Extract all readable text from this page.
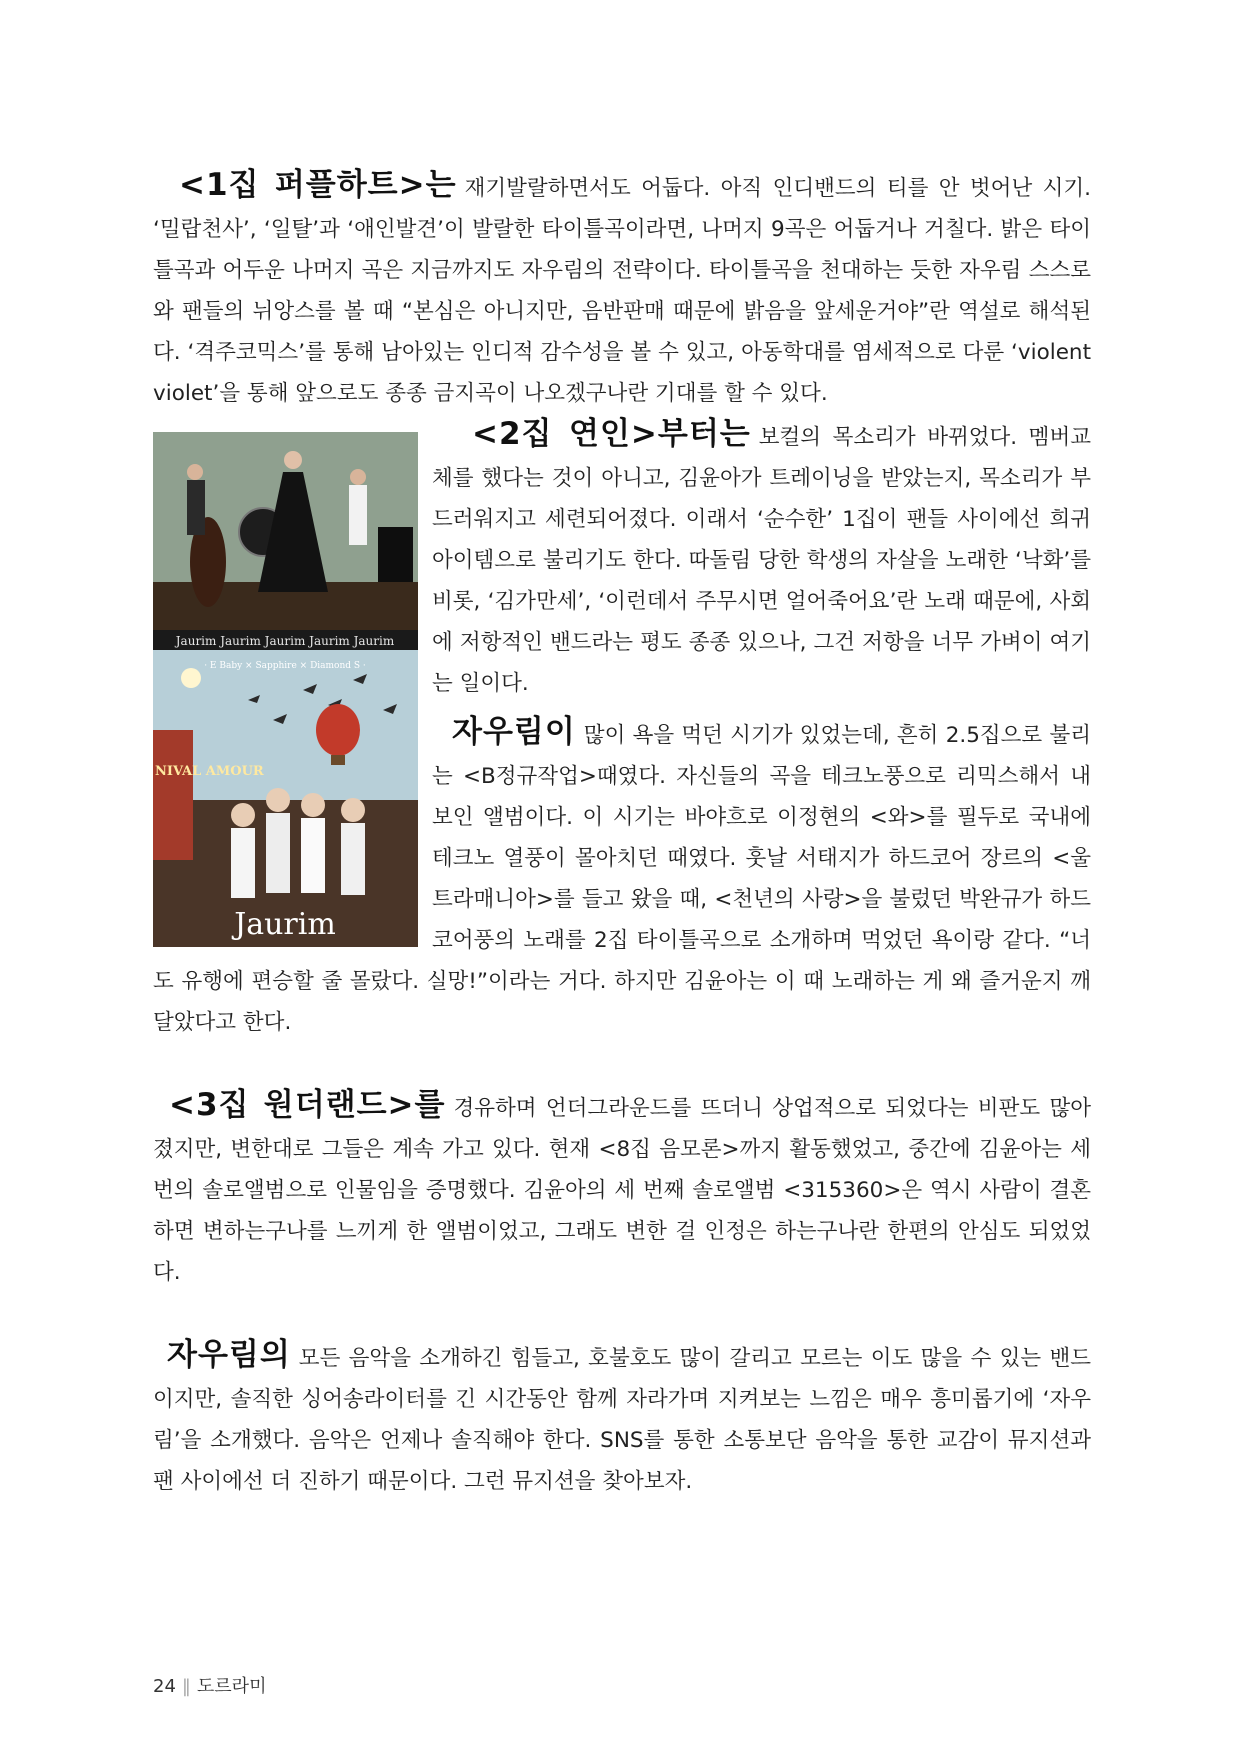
<1집 퍼플하트>는 재기발랄하면서도 어둡다. 아직 인디밴드의 티를 안 벗어난 시기. ‘밀랍천사’, ‘일탈’과 ‘애인발견’이 발랄한 타이틀곡이라면, 나머지 9곡은 어둡거나 거칠다. 밝은 타이틀곡과 어두운 나머지 곡은 지금까지도 자우림의 전략이다. 타이틀곡을 천대하는 듯한 자우림 스스로와 팬들의 뉘앙스를 볼 때 “본심은 아니지만, 음반판매 때문에 밝음을 앞세운거야”란 역설로 해석된다. ‘격주코믹스’를 통해 남아있는 인디적 감수성을 볼 수 있고, 아동학대를 염세적으로 다룬 ‘violent violet’을 통해 앞으로도 종종 금지곡이 나오겠구나란 기대를 할 수 있다.

Jaurim Jaurim Jaurim Jaurim Jaurim
NIVAL AMOUR
· E Baby × Sapphire × Diamond S ·
Jaurim

<2집 연인>부터는 보컬의 목소리가 바뀌었다. 멤버교체를 했다는 것이 아니고, 김윤아가 트레이닝을 받았는지, 목소리가 부드러워지고 세련되어졌다. 이래서 ‘순수한’ 1집이 팬들 사이에선 희귀아이템으로 불리기도 한다. 따돌림 당한 학생의 자살을 노래한 ‘낙화’를 비롯, ‘김가만세’, ‘이런데서 주무시면 얼어죽어요’란 노래 때문에, 사회에 저항적인 밴드라는 평도 종종 있으나, 그건 저항을 너무 가벼이 여기는 일이다.

자우림이 많이 욕을 먹던 시기가 있었는데, 흔히 2.5집으로 불리는 <B정규작업>때였다. 자신들의 곡을 테크노풍으로 리믹스해서 내보인 앨범이다. 이 시기는 바야흐로 이정현의 <와>를 필두로 국내에 테크노 열풍이 몰아치던 때였다. 훗날 서태지가 하드코어 장르의 <울트라매니아>를 들고 왔을 때, <천년의 사랑>을 불렀던 박완규가 하드코어풍의 노래를 2집 타이틀곡으로 소개하며 먹었던 욕이랑 같다. “너도 유행에 편승할 줄 몰랐다. 실망!”이라는 거다. 하지만 김윤아는 이 때 노래하는 게 왜 즐거운지 깨달았다고 한다.

<3집 원더랜드>를 경유하며 언더그라운드를 뜨더니 상업적으로 되었다는 비판도 많아졌지만, 변한대로 그들은 계속 가고 있다. 현재 <8집 음모론>까지 활동했었고, 중간에 김윤아는 세 번의 솔로앨범으로 인물임을 증명했다. 김윤아의 세 번째 솔로앨범 <315360>은 역시 사람이 결혼하면 변하는구나를 느끼게 한 앨범이었고, 그래도 변한 걸 인정은 하는구나란 한편의 안심도 되었었다.

자우림의 모든 음악을 소개하긴 힘들고, 호불호도 많이 갈리고 모르는 이도 많을 수 있는 밴드이지만, 솔직한 싱어송라이터를 긴 시간동안 함께 자라가며 지켜보는 느낌은 매우 흥미롭기에 ‘자우림’을 소개했다. 음악은 언제나 솔직해야 한다. SNS를 통한 소통보단 음악을 통한 교감이 뮤지션과 팬 사이에선 더 진하기 때문이다. 그런 뮤지션을 찾아보자.

24 ‖ 도르라미
